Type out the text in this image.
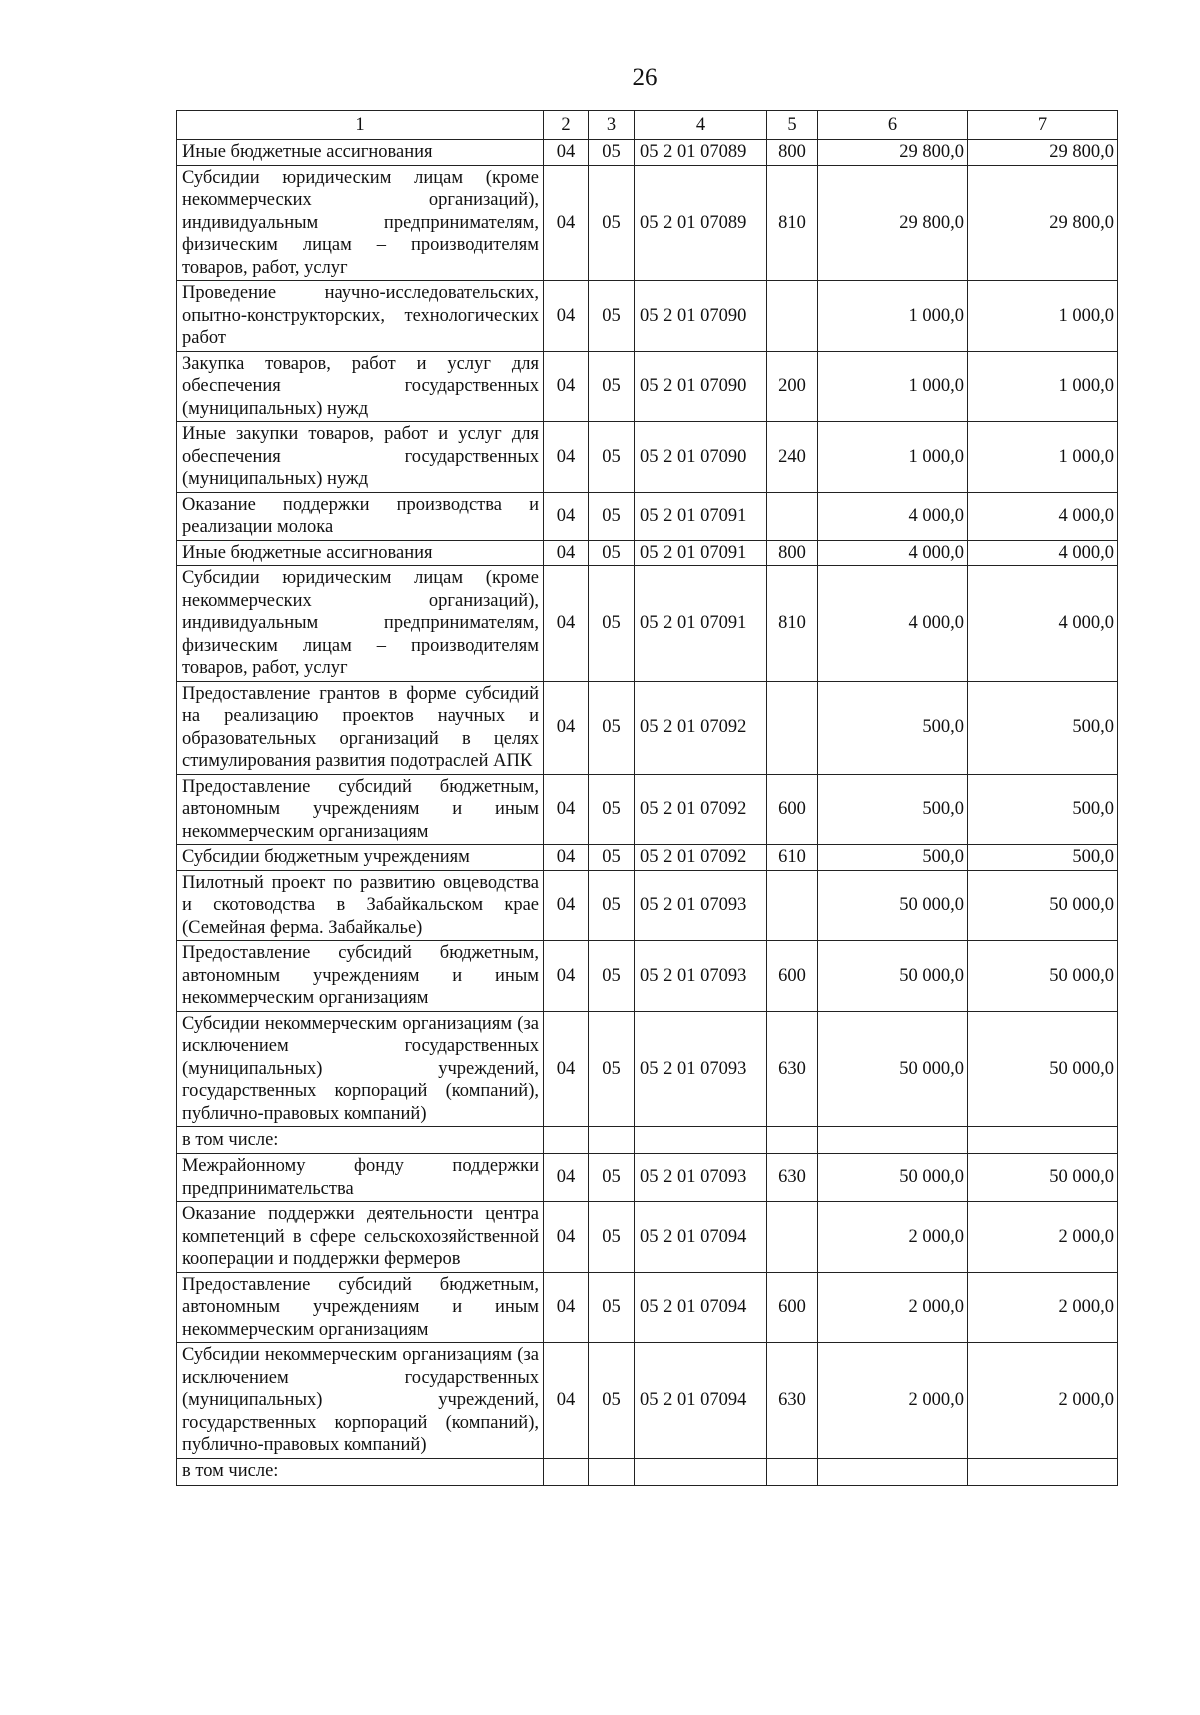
26
1	2	3	4	5	6	7
Иные бюджетные ассигнования	04	05	05 2 01 07089	800	29 800,0	29 800,0
Субсидии юридическим лицам (кроме некоммерческих организаций), индивидуальным предпринимателям, физическим лицам – производителям товаров, работ, услуг	04	05	05 2 01 07089	810	29 800,0	29 800,0
Проведение научно-исследовательских, опытно-конструкторских, технологических работ	04	05	05 2 01 07090		1 000,0	1 000,0
Закупка товаров, работ и услуг для обеспечения государственных (муниципальных) нужд	04	05	05 2 01 07090	200	1 000,0	1 000,0
Иные закупки товаров, работ и услуг для обеспечения государственных (муниципальных) нужд	04	05	05 2 01 07090	240	1 000,0	1 000,0
Оказание поддержки производства и реализации молока	04	05	05 2 01 07091		4 000,0	4 000,0
Иные бюджетные ассигнования	04	05	05 2 01 07091	800	4 000,0	4 000,0
Субсидии юридическим лицам (кроме некоммерческих организаций), индивидуальным предпринимателям, физическим лицам – производителям товаров, работ, услуг	04	05	05 2 01 07091	810	4 000,0	4 000,0
Предоставление грантов в форме субсидий на реализацию проектов научных и образовательных организаций в целях стимулирования развития подотраслей АПК	04	05	05 2 01 07092		500,0	500,0
Предоставление субсидий бюджетным, автономным учреждениям и иным некоммерческим организациям	04	05	05 2 01 07092	600	500,0	500,0
Субсидии бюджетным учреждениям	04	05	05 2 01 07092	610	500,0	500,0
Пилотный проект по развитию овцеводства и скотоводства в Забайкальском крае (Семейная ферма. Забайкалье)	04	05	05 2 01 07093		50 000,0	50 000,0
Предоставление субсидий бюджетным, автономным учреждениям и иным некоммерческим организациям	04	05	05 2 01 07093	600	50 000,0	50 000,0
Субсидии некоммерческим организациям (за исключением государственных (муниципальных) учреждений, государственных корпораций (компаний), публично-правовых компаний)	04	05	05 2 01 07093	630	50 000,0	50 000,0
в том числе:						
Межрайонному фонду поддержки предпринимательства	04	05	05 2 01 07093	630	50 000,0	50 000,0
Оказание поддержки деятельности центра компетенций в сфере сельскохозяйственной кооперации и поддержки фермеров	04	05	05 2 01 07094		2 000,0	2 000,0
Предоставление субсидий бюджетным, автономным учреждениям и иным некоммерческим организациям	04	05	05 2 01 07094	600	2 000,0	2 000,0
Субсидии некоммерческим организациям (за исключением государственных (муниципальных) учреждений, государственных корпораций (компаний), публично-правовых компаний)	04	05	05 2 01 07094	630	2 000,0	2 000,0
в том числе:						
